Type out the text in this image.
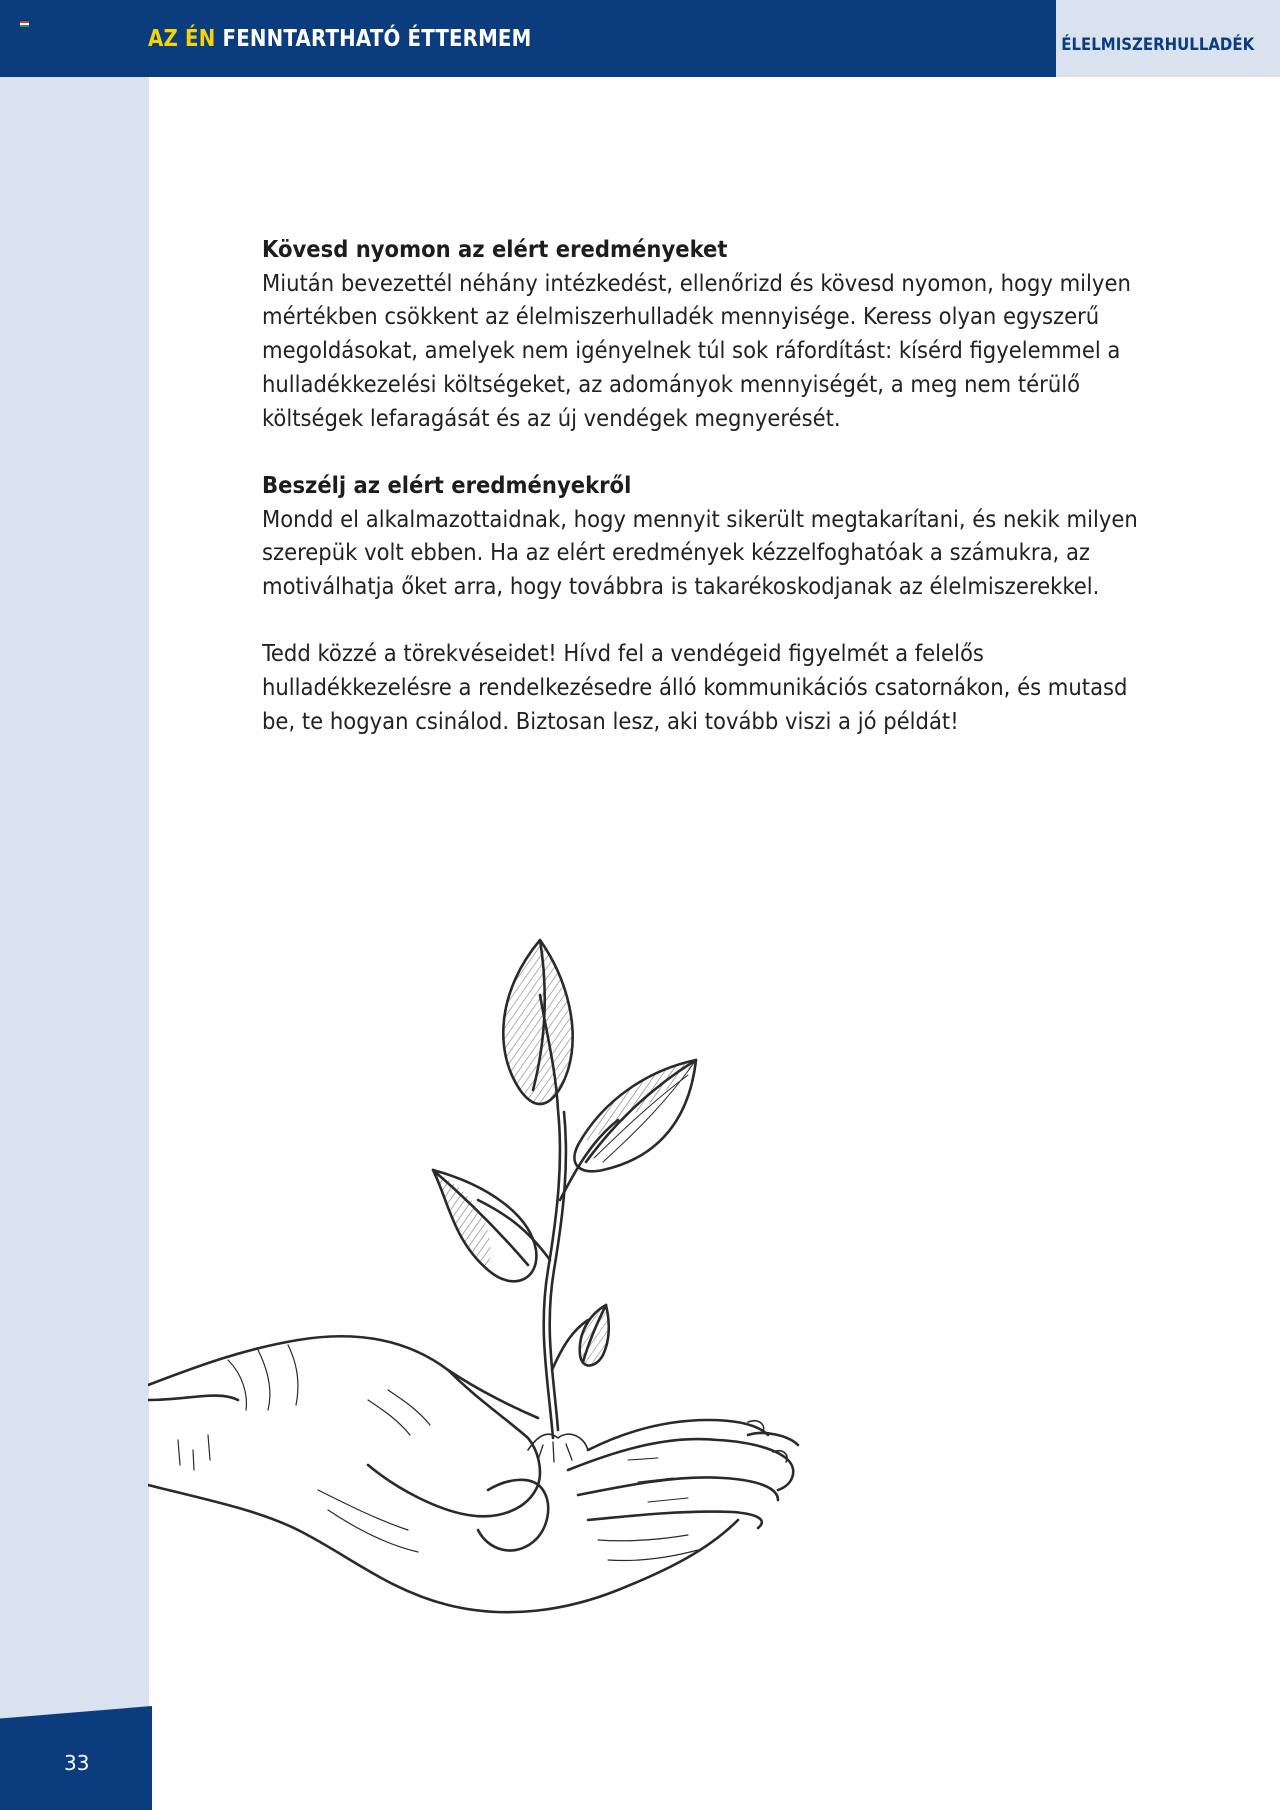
AZ ÉN FENNTARTHATÓ ÉTTERMEM	ÉLELMISZERHULLADÉK
33
Kövesd nyomon az elért eredményeket

Miután bevezettél néhány intézkedést, ellenőrizd és kövesd nyomon, hogy milyen mértékben csökkent az élelmiszerhulladék mennyisége. Keress olyan egyszerű megoldásokat, amelyek nem igényelnek túl sok ráfordítást: kísérd figyelemmel a hulladékkezelési költségeket, az adományok mennyiségét, a meg nem térülő költségek lefaragását és az új vendégek megnyerését.

Beszélj az elért eredményekről

Mondd el alkalmazottaidnak, hogy mennyit sikerült megtakarítani, és nekik milyen szerepük volt ebben. Ha az elért eredmények kézzelfoghatóak a számukra, az motiválhatja őket arra, hogy továbbra is takarékoskodjanak az élelmiszerekkel.

Tedd közzé a törekvéseidet! Hívd fel a vendégeid figyelmét a felelős hulladékkezelésre a rendelkezésedre álló kommunikációs csatornákon, és mutasd be, te hogyan csinálod. Biztosan lesz, aki tovább viszi a jó példát!
